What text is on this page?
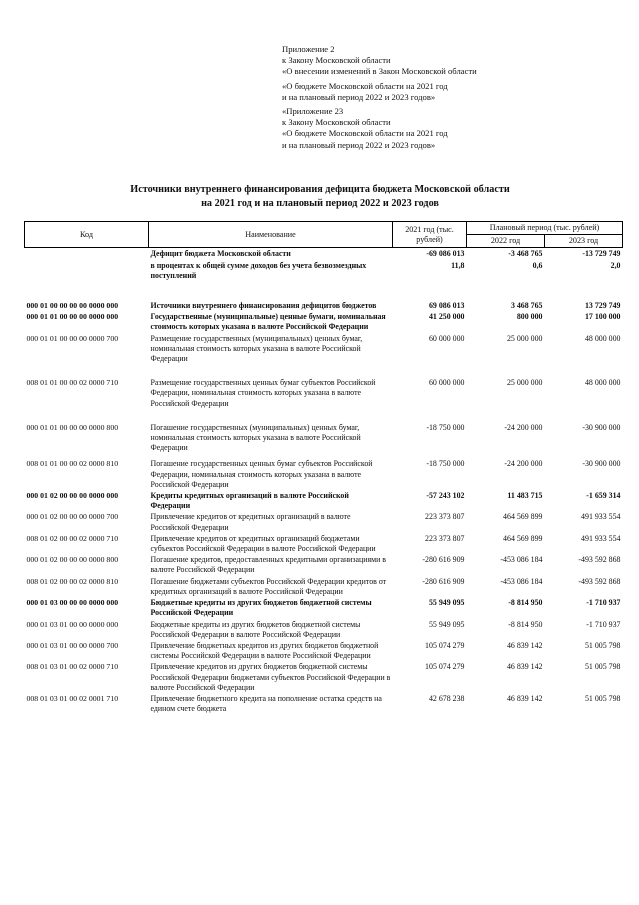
Приложение 2
к Закону Московской области
«О внесении изменений в Закон Московской области
«О бюджете Московской области на 2021 год
и на плановый период 2022 и 2023 годов»
«Приложение 23
к Закону Московской области
«О бюджете Московской области на 2021 год
и на плановый период 2022 и 2023 годов»
Источники внутреннего финансирования дефицита бюджета Московской области
на 2021 год и на плановый период 2022 и 2023 годов
Код	Наименование	2021 год (тыс. рублей)	Плановый период (тыс. рублей)	
			2022 год	2023 год
	Дефицит бюджета Московской области	-69 086 013	-3 468 765	-13 729 749
	в процентах к общей сумме доходов без учета безвозмездных поступлений	11,8	0,6	2,0

000 01 00 00 00 00 0000 000	Источники внутреннего финансирования дефицитов бюджетов	69 086 013	3 468 765	13 729 749
000 01 01 00 00 00 0000 000	Государственные (муниципальные) ценные бумаги, номинальная стоимость которых указана в валюте Российской Федерации	41 250 000	800 000	17 100 000
000 01 01 00 00 00 0000 700	Размещение государственных (муниципальных) ценных бумаг, номинальная стоимость которых указана в валюте Российской Федерации	60 000 000	25 000 000	48 000 000

008 01 01 00 00 02 0000 710	Размещение государственных ценных бумаг субъектов Российской Федерации, номинальная стоимость которых указана в валюте Российской Федерации	60 000 000	25 000 000	48 000 000

000 01 01 00 00 00 0000 800	Погашение государственных (муниципальных) ценных бумаг, номинальная стоимость которых указана в валюте Российской Федерации	-18 750 000	-24 200 000	-30 900 000

008 01 01 00 00 02 0000 810	Погашение государственных ценных бумаг субъектов Российской Федерации, номинальная стоимость которых указана в валюте Российской Федерации	-18 750 000	-24 200 000	-30 900 000
000 01 02 00 00 00 0000 000	Кредиты кредитных организаций в валюте Российской Федерации	-57 243 102	11 483 715	-1 659 314
000 01 02 00 00 00 0000 700	Привлечение кредитов от кредитных организаций в валюте Российской Федерации	223 373 807	464 569 899	491 933 554
008 01 02 00 00 02 0000 710	Привлечение кредитов от кредитных организаций бюджетами субъектов Российской Федерации в валюте Российской Федерации	223 373 807	464 569 899	491 933 554
000 01 02 00 00 00 0000 800	Погашение кредитов, предоставленных кредитными организациями в валюте Российской Федерации	-280 616 909	-453 086 184	-493 592 868
008 01 02 00 00 02 0000 810	Погашение бюджетами субъектов Российской Федерации кредитов от кредитных организаций в валюте Российской Федерации	-280 616 909	-453 086 184	-493 592 868
000 01 03 00 00 00 0000 000	Бюджетные кредиты из других бюджетов бюджетной системы Российской Федерации	55 949 095	-8 814 950	-1 710 937
000 01 03 01 00 00 0000 000	Бюджетные кредиты из других бюджетов бюджетной системы Российской Федерации в валюте Российской Федерации	55 949 095	-8 814 950	-1 710 937
000 01 03 01 00 00 0000 700	Привлечение бюджетных кредитов из других бюджетов бюджетной системы Российской Федерации в валюте Российской Федерации	105 074 279	46 839 142	51 005 798
008 01 03 01 00 02 0000 710	Привлечение кредитов из других бюджетов бюджетной системы Российской Федерации бюджетами субъектов Российской Федерации в валюте Российской Федерации	105 074 279	46 839 142	51 005 798
008 01 03 01 00 02 0001 710	Привлечение бюджетного кредита на пополнение остатка средств на едином счете бюджета	42 678 238	46 839 142	51 005 798
